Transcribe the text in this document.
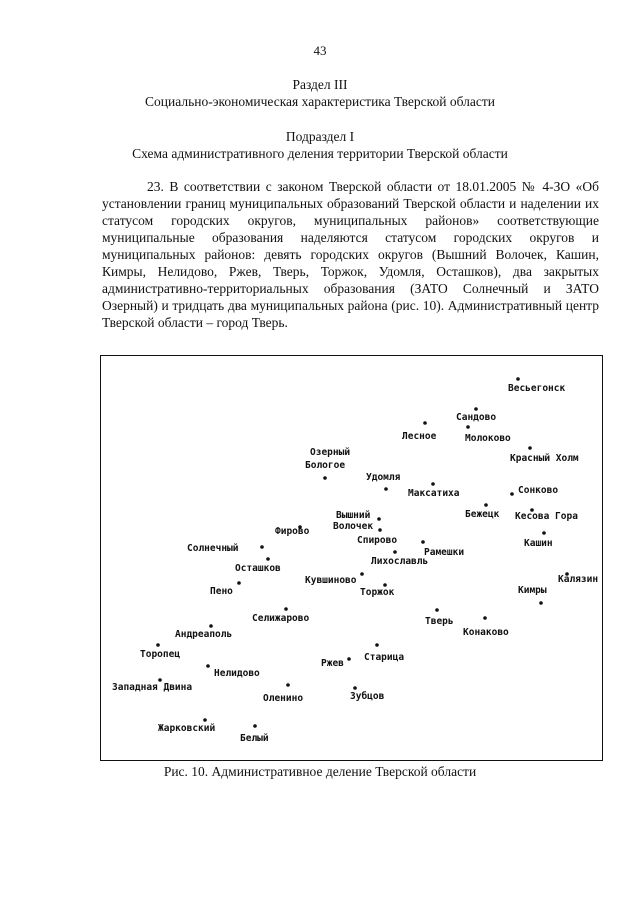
43
Раздел III
Социально-экономическая характеристика Тверской области
Подраздел I
Схема административного деления территории Тверской области
23. В соответствии с законом Тверской области от 18.01.2005 № 4-ЗО «Об установлении границ муниципальных образований Тверской области и наделении их статусом городских округов, муниципальных районов» соответствующие муниципальные образования наделяются статусом городских округов и муниципальных районов: девять городских округов (Вышний Волочек, Кашин, Кимры, Нелидово, Ржев, Тверь, Торжок, Удомля, Осташков), два закрытых административно-территориальных образования (ЗАТО Солнечный и ЗАТО Озерный) и тридцать два муниципальных района (рис. 10). Административный центр Тверской области – город Тверь.
Весьегонск
Сандово
Лесное	Молоково
Красный Холм
Озерный
Бологое
Удомля
Максатиха	Сонково
Вышний
Волочек
Бежецк Кесова Гора
Фирово
Спирово	Кашин
Солнечный	Рамешки
Осташков
Лихославль
Калязин
Кувшиново
Пено	Торжок	Кимры
Селижарово	Тверь
Конаково
Андреаполь
Торопец	Старица
Ржев
Нелидово
Западная Двина
Оленино	Зубцов
Жарковский
Белый
Рис. 10. Административное деление Тверской области
